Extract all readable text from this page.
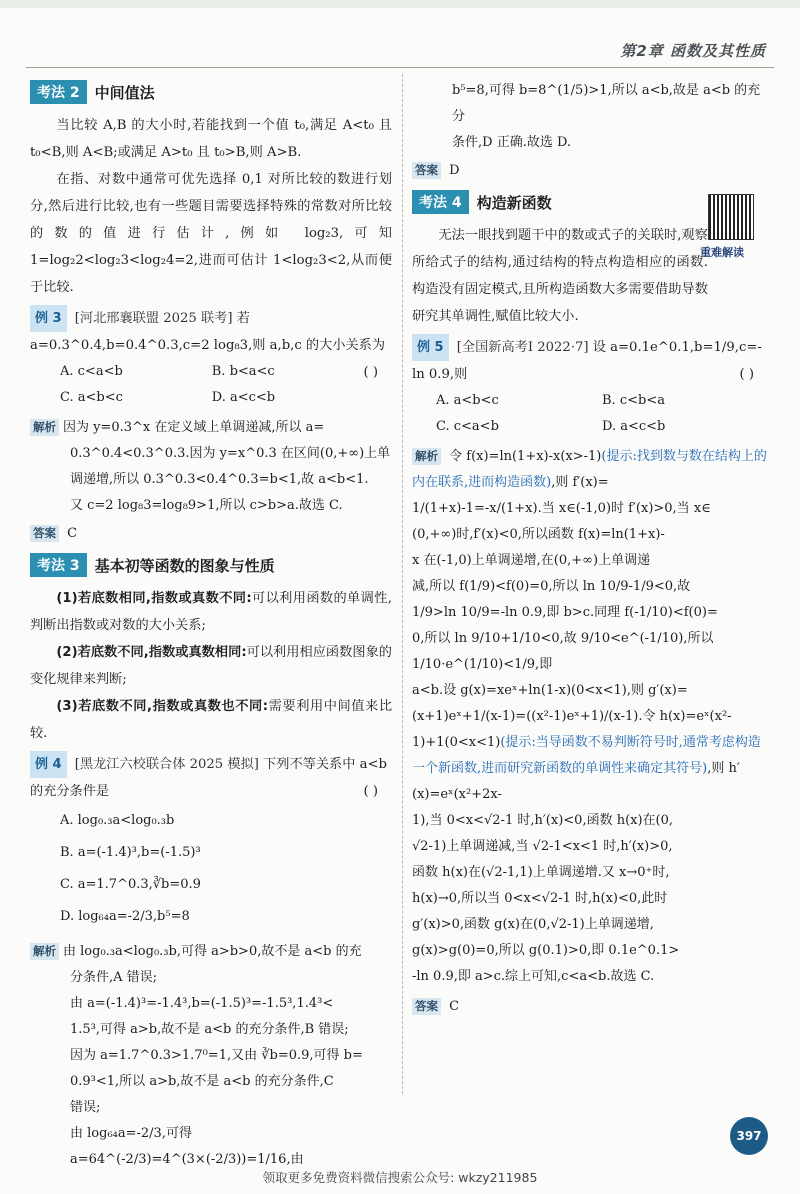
第2章 函数及其性质
考法 2	中间值法

当比较 A,B 的大小时,若能找到一个值 t₀,满足 A<t₀ 且 t₀<B,则 A<B;或满足 A>t₀ 且 t₀>B,则 A>B.

在指、对数中通常可优先选择 0,1 对所比较的数进行划分,然后进行比较,也有一些题目需要选择特殊的常数对所比较的数的值进行估计,例如 log₂3,可知 1=log₂2<log₂3<log₂4=2,进而可估计 1<log₂3<2,从而便于比较.

例 3 [河北邢襄联盟 2025 联考] 若 a=0.3^0.4,b=0.4^0.3,c=2 log₈3,则 a,b,c 的大小关系为
( )
A. c<a<b	B. b<a<c
C. a<b<c	D. a<c<b
解析 因为 y=0.3^x 在定义域上单调递减,所以 a=
0.3^0.4<0.3^0.3.因为 y=x^0.3 在区间(0,+∞)上单
调递增,所以 0.3^0.3<0.4^0.3=b<1,故 a<b<1.
又 c=2 log₈3=log₈9>1,所以 c>b>a.故选 C.
答案 C
考法 3	基本初等函数的图象与性质

(1)若底数相同,指数或真数不同:可以利用函数的单调性,判断出指数或对数的大小关系;

(2)若底数不同,指数或真数相同:可以利用相应函数图象的变化规律来判断;

(3)若底数不同,指数或真数也不同:需要利用中间值来比较.

例 4 [黑龙江六校联合体 2025 模拟] 下列不等关系中 a<b 的充分条件是	( )
A. log₀.₃a<log₀.₃b
B. a=(-1.4)³,b=(-1.5)³
C. a=1.7^0.3,∛b=0.9
D. log₆₄a=-2/3,b⁵=8
解析 由 log₀.₃a<log₀.₃b,可得 a>b>0,故不是 a<b 的充
分条件,A 错误;
由 a=(-1.4)³=-1.4³,b=(-1.5)³=-1.5³,1.4³<
1.5³,可得 a>b,故不是 a<b 的充分条件,B 错误;
因为 a=1.7^0.3>1.7⁰=1,又由 ∛b=0.9,可得 b=
0.9³<1,所以 a>b,故不是 a<b 的充分条件,C
错误;
由 log₆₄a=-2/3,可得 a=64^(-2/3)=4^(3×(-2/3))=1/16,由
b⁵=8,可得 b=8^(1/5)>1,所以 a<b,故是 a<b 的充分
条件,D 正确.故选 D.
答案 D
考法 4	构造新函数

无法一眼找到题干中的数或式子的关联时,观察所给式子的结构,通过结构的特点构造相应的函数.构造没有固定模式,且所构造函数大多需要借助导数研究其单调性,赋值比较大小.

例 5 [全国新高考Ⅰ 2022·7] 设 a=0.1e^0.1,b=1/9,c=-ln 0.9,则	( )
A. a<b<c	B. c<b<a
C. c<a<b	D. a<c<b
解析 令 f(x)=ln(1+x)-x(x>-1)(提示:找到数与数在结构上的内在联系,进而构造函数),则 f′(x)=
1/(1+x)-1=-x/(1+x).当 x∈(-1,0)时 f′(x)>0,当 x∈
(0,+∞)时,f′(x)<0,所以函数 f(x)=ln(1+x)-
x 在(-1,0)上单调递增,在(0,+∞)上单调递
减,所以 f(1/9)<f(0)=0,所以 ln 10/9-1/9<0,故
1/9>ln 10/9=-ln 0.9,即 b>c.同理 f(-1/10)<f(0)=
0,所以 ln 9/10+1/10<0,故 9/10<e^(-1/10),所以 1/10·e^(1/10)<1/9,即
a<b.设 g(x)=xeˣ+ln(1-x)(0<x<1),则 g′(x)=
(x+1)eˣ+1/(x-1)=((x²-1)eˣ+1)/(x-1).令 h(x)=eˣ(x²-
1)+1(0<x<1)(提示:当导函数不易判断符号时,通常考虑构造一个新函数,进而研究新函数的单调性来确定其符号),则 h′(x)=eˣ(x²+2x-
1),当 0<x<√2-1 时,h′(x)<0,函数 h(x)在(0,
√2-1)上单调递减,当 √2-1<x<1 时,h′(x)>0,
函数 h(x)在(√2-1,1)上单调递增.又 x→0⁺时,
h(x)→0,所以当 0<x<√2-1 时,h(x)<0,此时
g′(x)>0,函数 g(x)在(0,√2-1)上单调递增,
g(x)>g(0)=0,所以 g(0.1)>0,即 0.1e^0.1>
-ln 0.9,即 a>c.综上可知,c<a<b.故选 C.
答案 C
重难解读
397
领取更多免费资料微信搜索公众号: wkzy211985
